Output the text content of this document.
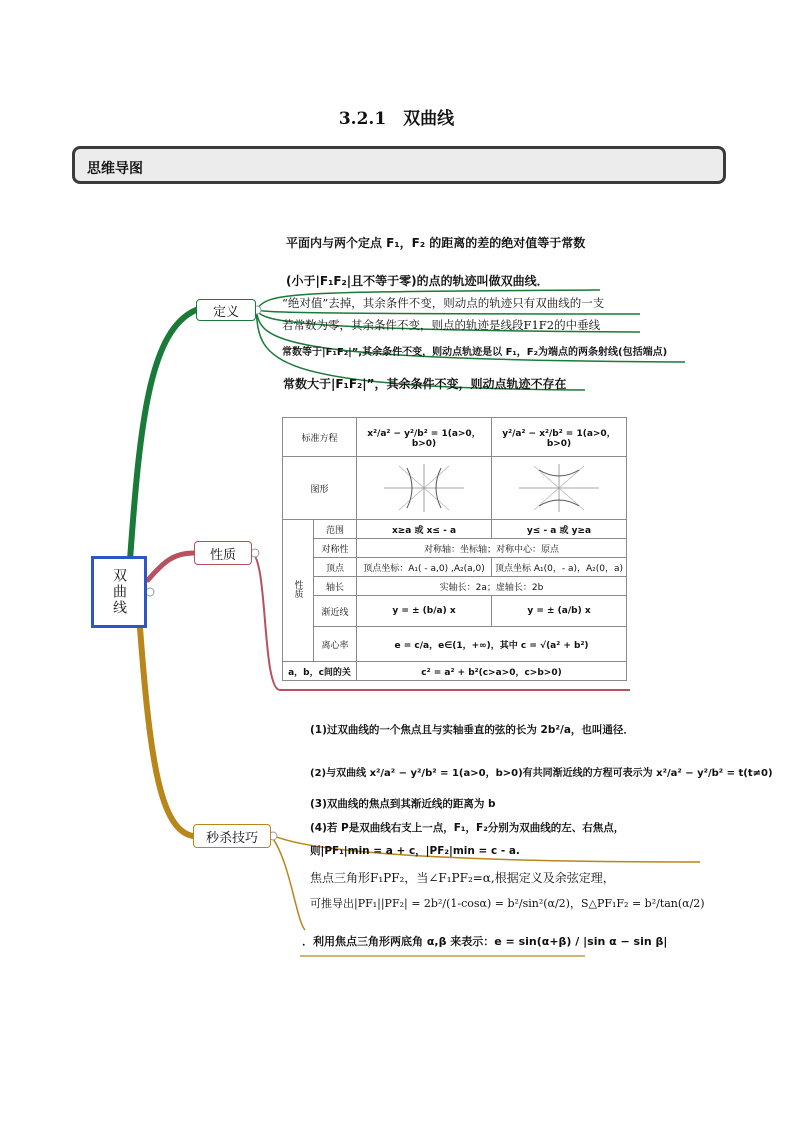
3.2.1　双曲线
思维导图
双曲线
定义
性质
秒杀技巧
平面内与两个定点 F₁，F₂ 的距离的差的绝对值等于常数
(小于|F₁F₂|且不等于零)的点的轨迹叫做双曲线．
“绝对值”去掉，其余条件不变，则动点的轨迹只有双曲线的一支
若常数为零，其余条件不变，则点的轨迹是线段F1F2的中垂线
常数等于|F₁F₂|”,其余条件不变，则动点轨迹是以 F₁，F₂为端点的两条射线(包括端点)
常数大于|F₁F₂|”，其余条件不变，则动点轨迹不存在
标准方程		x²/a² − y²/b² = 1(a>0，b>0)	y²/a² − x²/b² = 1(a>0，b>0)
图形	

性质	范围	x≥a 或 x≤ - a	y≤ - a 或 y≥a
	对称性	对称轴：坐标轴；对称中心：原点	
	顶点	顶点坐标：A₁( - a,0) ,A₂(a,0)	顶点坐标 A₁(0，- a)，A₂(0，a)
	轴长	实轴长：2a；虚轴长：2b	
	渐近线	y = ± (b/a) x	y = ± (a/b) x
	离心率	e = c/a，e∈(1，+∞)，其中 c = √(a² + b²)	
a，b，c间的关		c² = a² + b²(c>a>0，c>b>0)	
(1)过双曲线的一个焦点且与实轴垂直的弦的长为 2b²/a，也叫通径．
(2)与双曲线 x²/a² − y²/b² = 1(a>0，b>0)有共同渐近线的方程可表示为 x²/a² − y²/b² = t(t≠0)
(3)双曲线的焦点到其渐近线的距离为 b
(4)若 P是双曲线右支上一点，F₁，F₂分别为双曲线的左、右焦点，
则|PF₁|min = a + c，|PF₂|min = c - a.
焦点三角形F₁PF₂，当∠F₁PF₂=α,根据定义及余弦定理，
可推导出|PF₁||PF₂| = 2b²/(1-cosα) = b²/sin²(α/2)，S△PF₁F₂ = b²/tan(α/2)
．利用焦点三角形两底角 α,β 来表示：e = sin(α+β) / |sin α − sin β|
